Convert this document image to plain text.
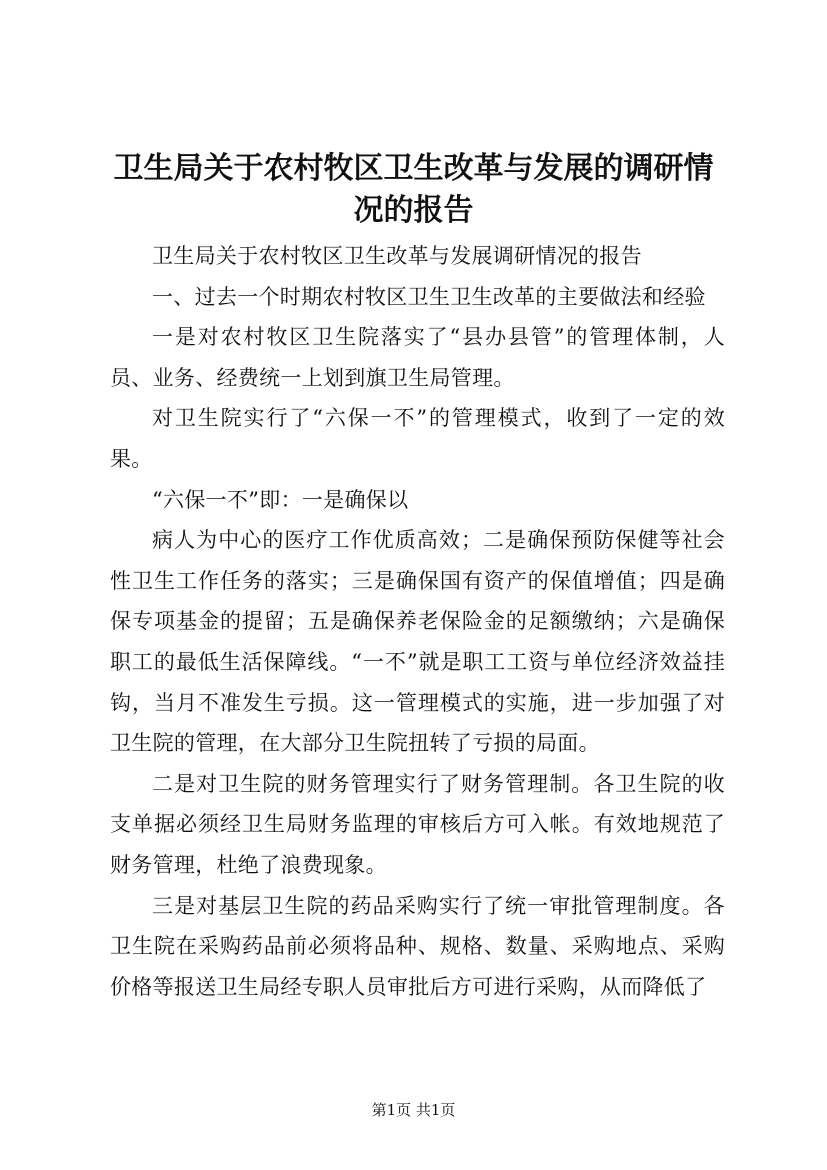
卫生局关于农村牧区卫生改革与发展的调研情况的报告

卫生局关于农村牧区卫生改革与发展调研情况的报告

一、过去一个时期农村牧区卫生卫生改革的主要做法和经验

一是对农村牧区卫生院落实了“县办县管”的管理体制，人员、业务、经费统一上划到旗卫生局管理。

对卫生院实行了“六保一不”的管理模式，收到了一定的效果。

“六保一不”即：一是确保以

病人为中心的医疗工作优质高效；二是确保预防保健等社会性卫生工作任务的落实；三是确保国有资产的保值增值；四是确保专项基金的提留；五是确保养老保险金的足额缴纳；六是确保职工的最低生活保障线。“一不”就是职工工资与单位经济效益挂钩，当月不准发生亏损。这一管理模式的实施，进一步加强了对卫生院的管理，在大部分卫生院扭转了亏损的局面。

二是对卫生院的财务管理实行了财务管理制。各卫生院的收支单据必须经卫生局财务监理的审核后方可入帐。有效地规范了财务管理，杜绝了浪费现象。

三是对基层卫生院的药品采购实行了统一审批管理制度。各卫生院在采购药品前必须将品种、规格、数量、采购地点、采购价格等报送卫生局经专职人员审批后方可进行采购，从而降低了

第1页 共1页
